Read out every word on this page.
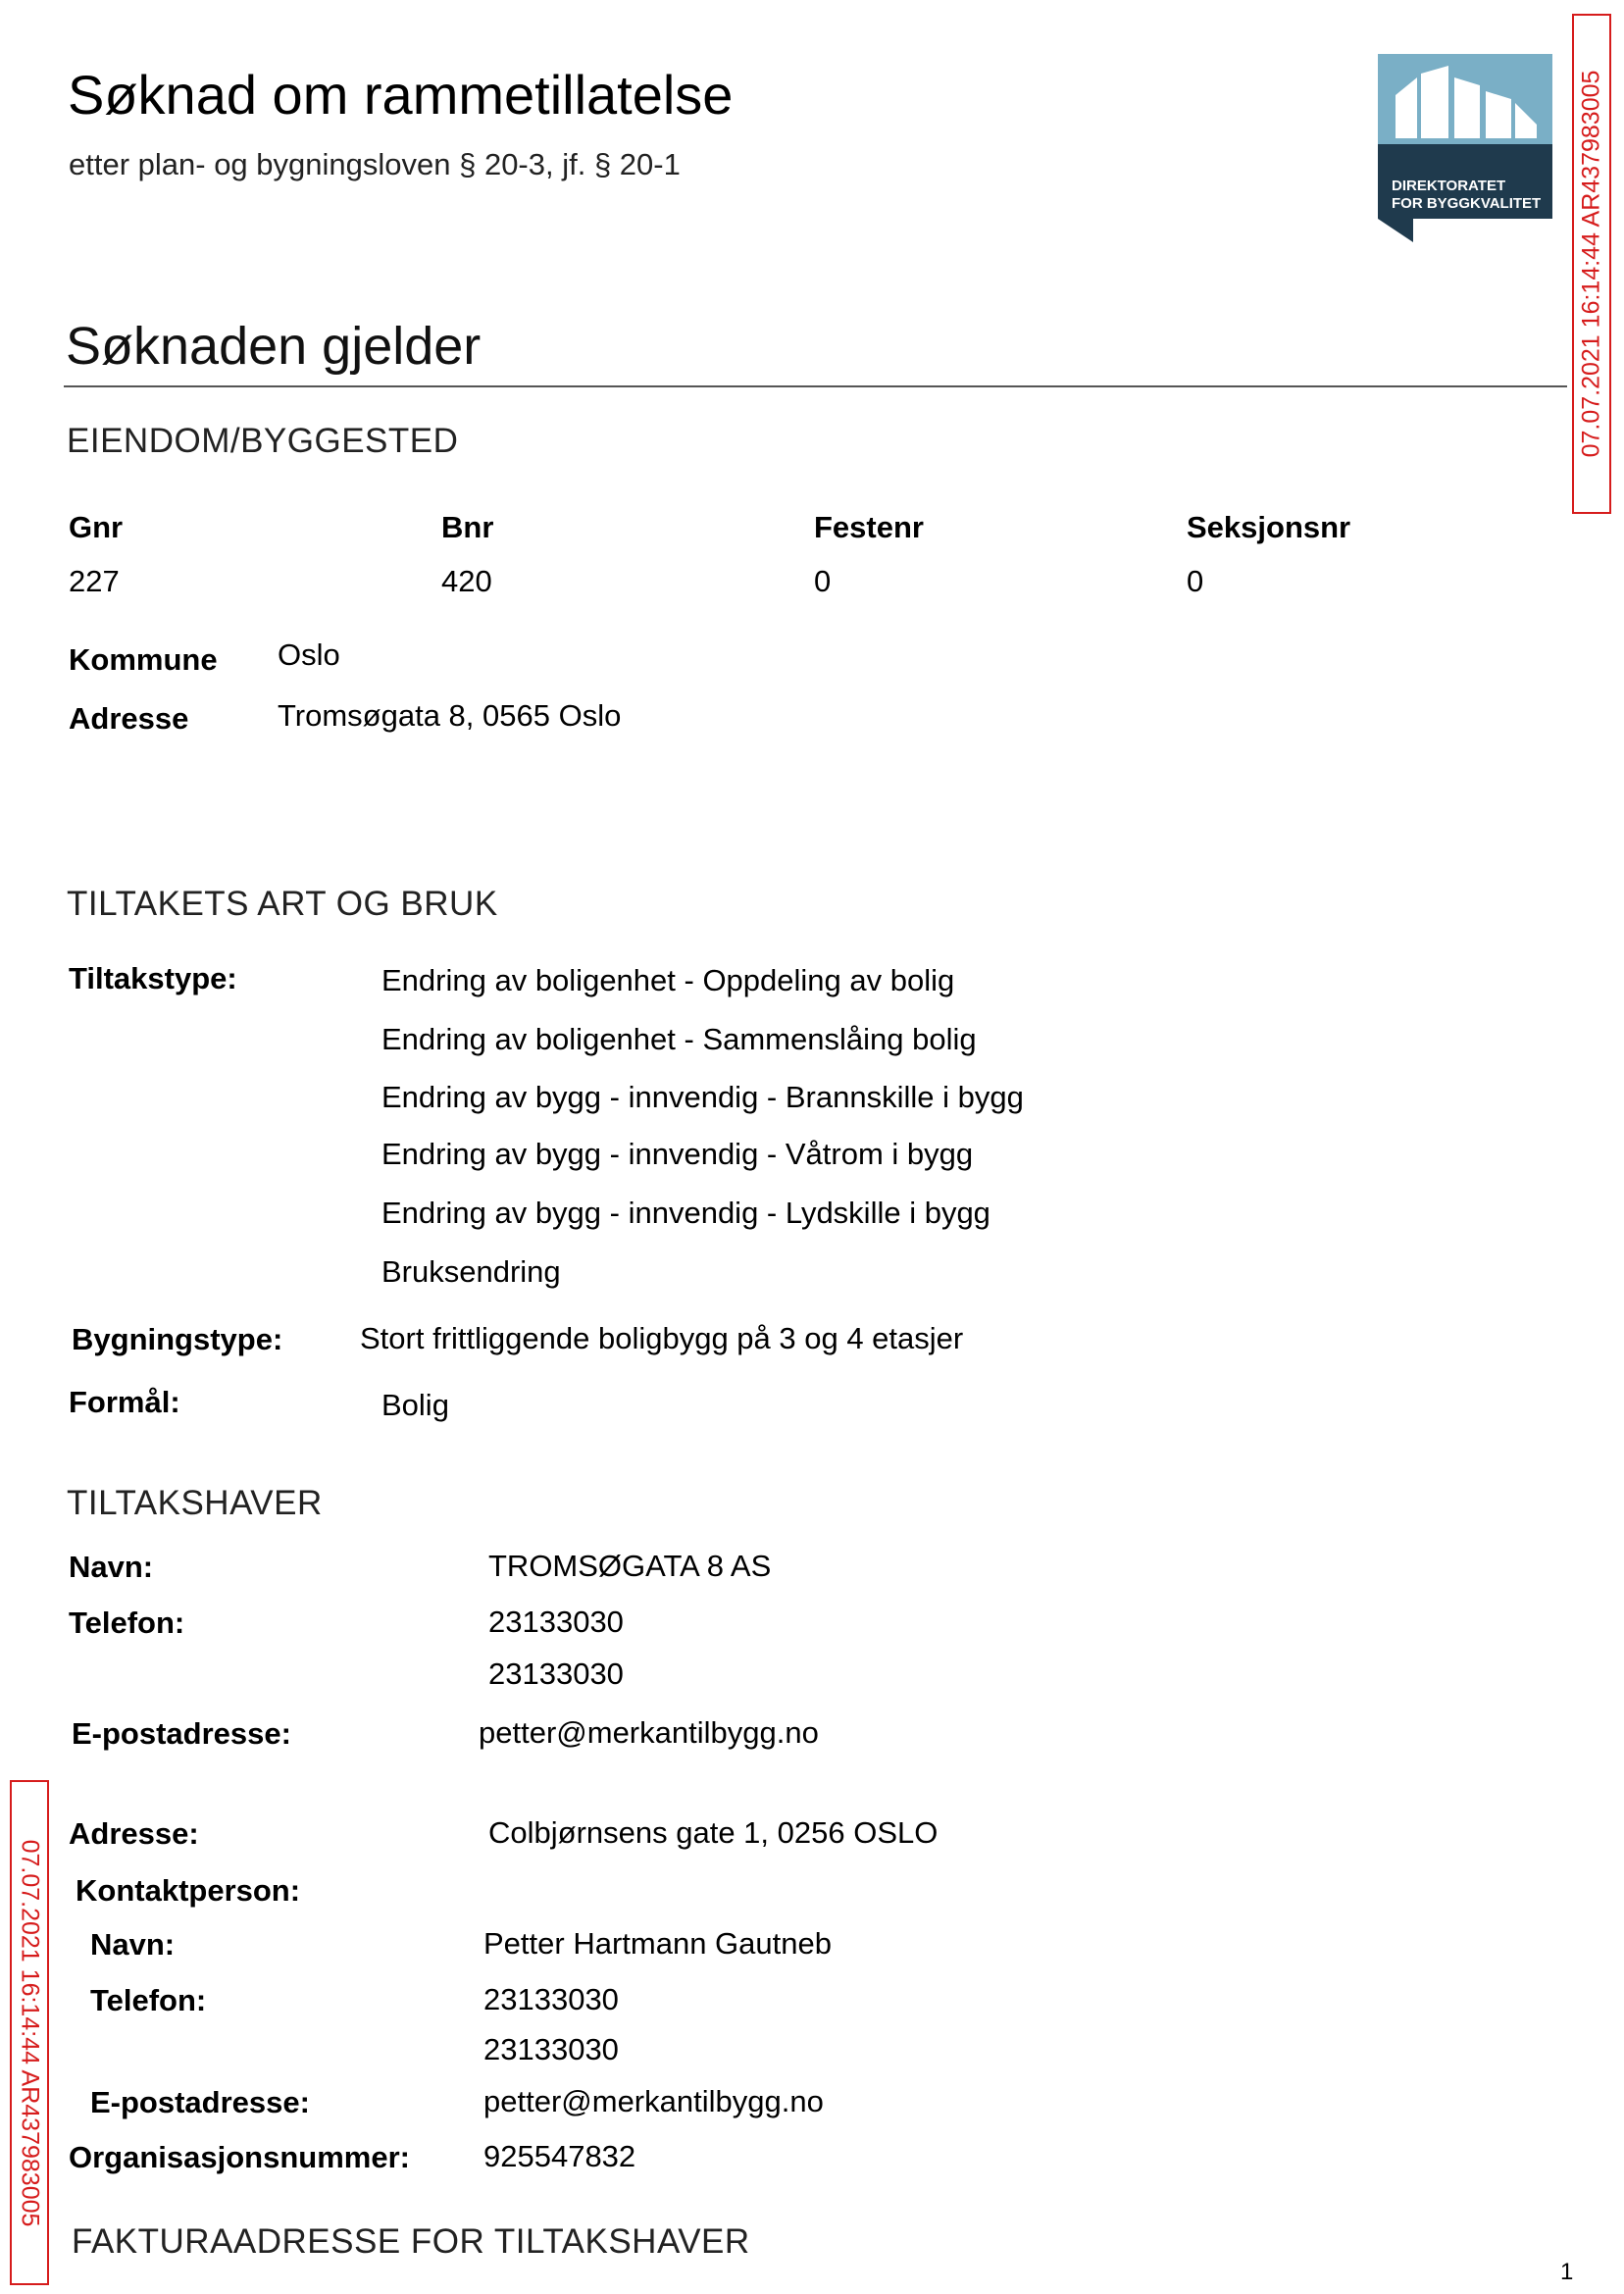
Søknad om rammetillatelse
etter plan- og bygningsloven § 20-3, jf. § 20-1
DIREKTORATET
FOR BYGGKVALITET 07.07.2021 16:14:44 AR437983005
07.07.2021 16:14:44 AR437983005
Søknaden gjelder
EIENDOM/BYGGESTED
Gnr	Bnr	Festenr	Seksjonsnr
227	420	0	0
Kommune Oslo
Adresse	Tromsøgata 8, 0565 Oslo
TILTAKETS ART OG BRUK
Tiltakstype:	Endring av boligenhet - Oppdeling av bolig
Endring av boligenhet - Sammenslåing bolig
Endring av bygg - innvendig - Brannskille i bygg
Endring av bygg - innvendig - Våtrom i bygg
Endring av bygg - innvendig - Lydskille i bygg
Bruksendring
Bygningstype:	Stort frittliggende boligbygg på 3 og 4 etasjer
Formål:	Bolig
TILTAKSHAVER
Navn:	TROMSØGATA 8 AS
Telefon:	23133030
23133030
E-postadresse:	petter@merkantilbygg.no
Adresse:	Colbjørnsens gate 1, 0256 OSLO
Kontaktperson:
Navn:	Petter Hartmann Gautneb
Telefon:	23133030
23133030
E-postadresse:	petter@merkantilbygg.no
Organisasjonsnummer: 925547832
FAKTURAADRESSE FOR TILTAKSHAVER
1
